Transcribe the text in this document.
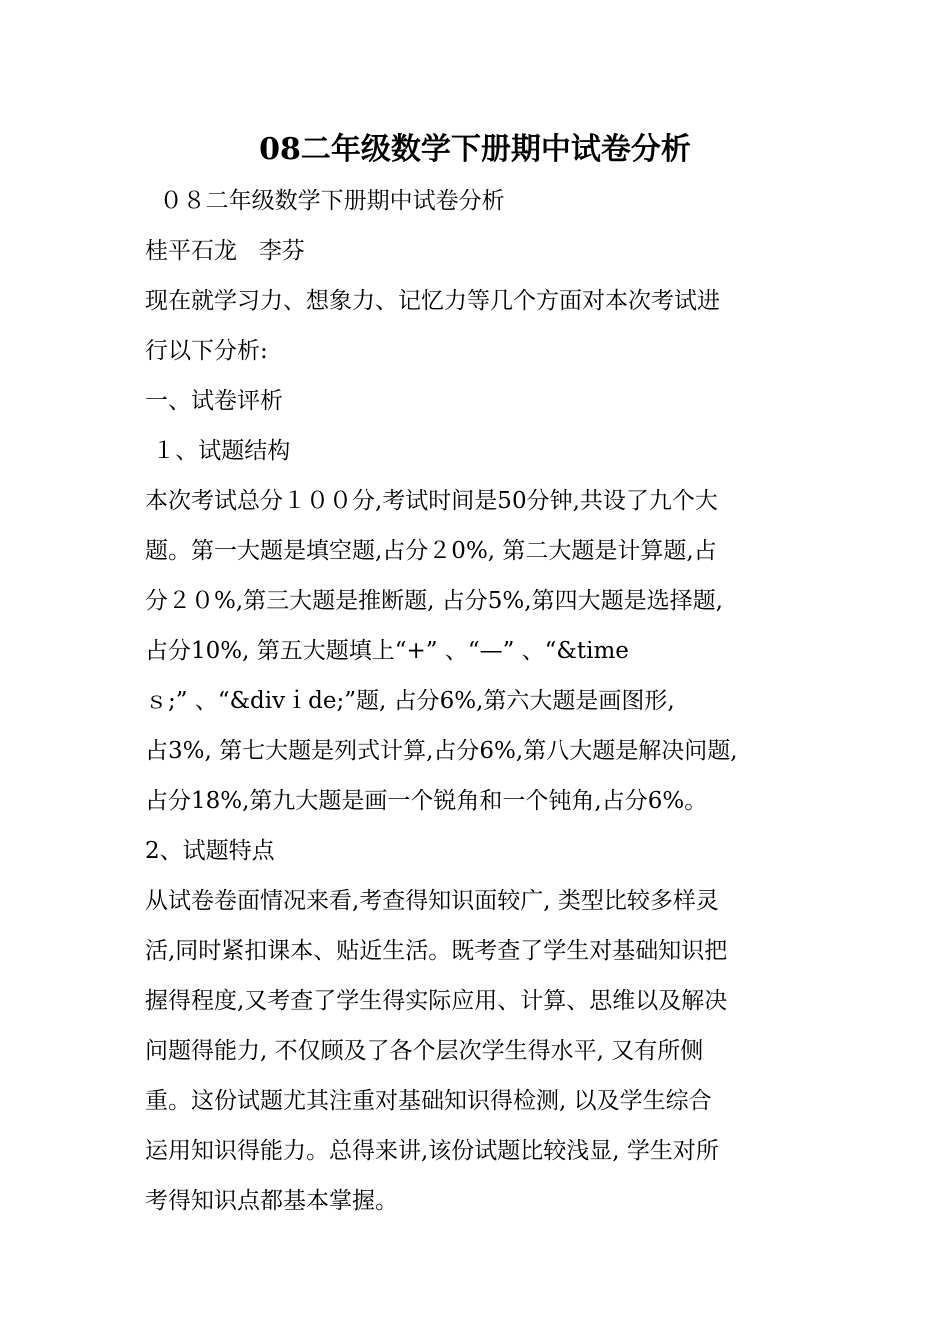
08二年级数学下册期中试卷分析
０８二年级数学下册期中试卷分析
桂平石龙   李芬
现在就学习力、想象力、记忆力等几个方面对本次考试进
行以下分析:
一、试卷评析
１、试题结构
本次考试总分１００分,考试时间是50分钟,共设了九个大
题。第一大题是填空题,占分２0%, 第二大题是计算题,占
分２０%,第三大题是推断题, 占分5%,第四大题是选择题,
占分10%, 第五大题填上“+” 、“—” 、“&time
ｓ;” 、“&divｉde;”题, 占分6%,第六大题是画图形,
占3%, 第七大题是列式计算,占分6%,第八大题是解决问题,
占分18%,第九大题是画一个锐角和一个钝角,占分6%。
2、试题特点
从试卷卷面情况来看,考查得知识面较广, 类型比较多样灵
活,同时紧扣课本、贴近生活。既考查了学生对基础知识把
握得程度,又考查了学生得实际应用、计算、思维以及解决
问题得能力, 不仅顾及了各个层次学生得水平, 又有所侧
重。这份试题尤其注重对基础知识得检测, 以及学生综合
运用知识得能力。总得来讲,该份试题比较浅显, 学生对所
考得知识点都基本掌握。
